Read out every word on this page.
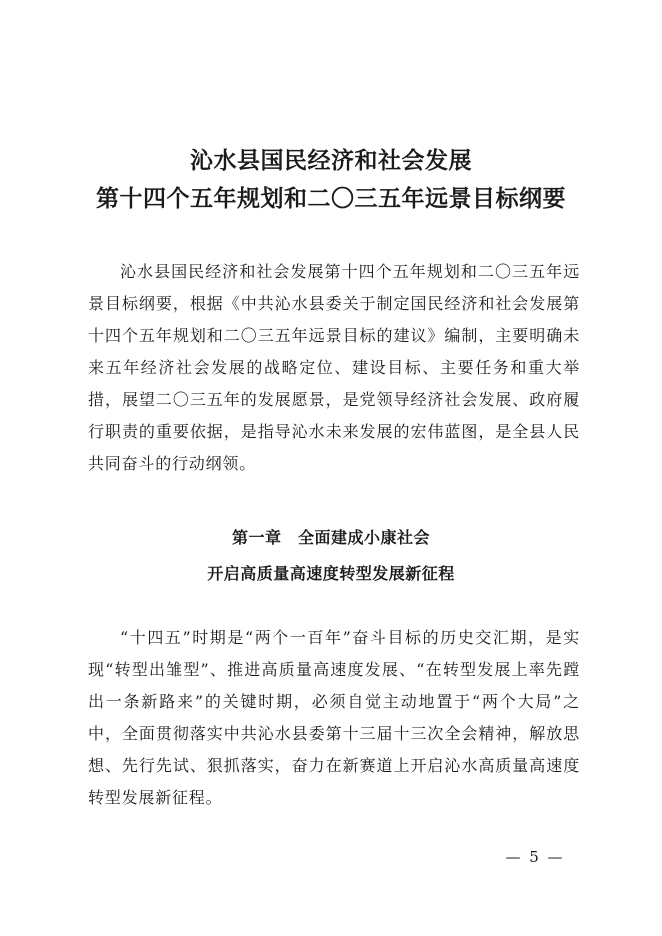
沁水县国民经济和社会发展
第十四个五年规划和二〇三五年远景目标纲要

沁水县国民经济和社会发展第十四个五年规划和二〇三五年远景目标纲要，根据《中共沁水县委关于制定国民经济和社会发展第十四个五年规划和二〇三五年远景目标的建议》编制，主要明确未来五年经济社会发展的战略定位、建设目标、主要任务和重大举措，展望二〇三五年的发展愿景，是党领导经济社会发展、政府履行职责的重要依据，是指导沁水未来发展的宏伟蓝图，是全县人民共同奋斗的行动纲领。

第一章　全面建成小康社会
开启高质量高速度转型发展新征程

“十四五”时期是“两个一百年”奋斗目标的历史交汇期，是实现“转型出雏型”、推进高质量高速度发展、“在转型发展上率先蹚出一条新路来”的关键时期，必须自觉主动地置于“两个大局”之中，全面贯彻落实中共沁水县委第十三届十三次全会精神，解放思想、先行先试、狠抓落实，奋力在新赛道上开启沁水高质量高速度转型发展新征程。

— 5 —
